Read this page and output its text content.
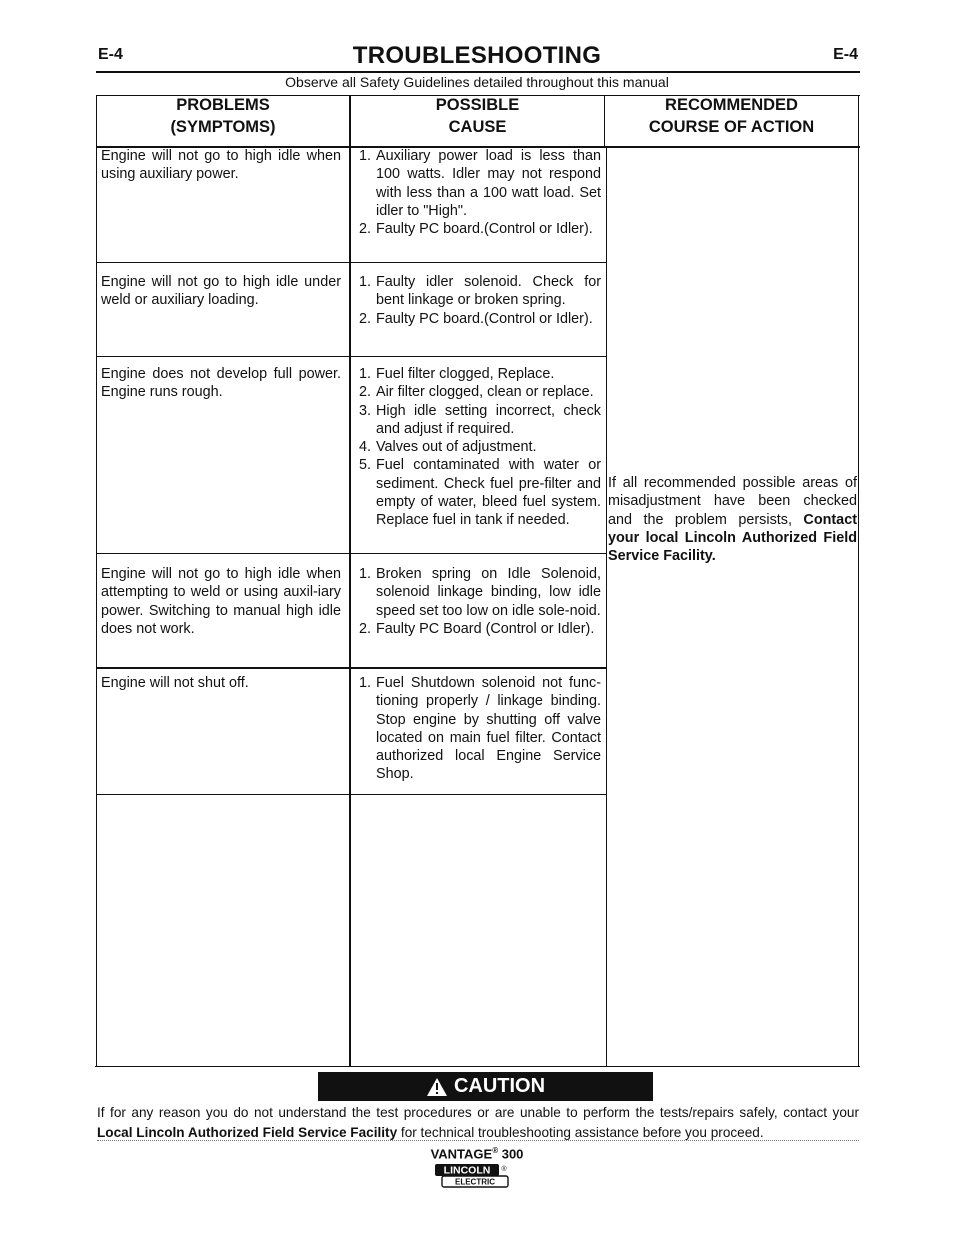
E-4	E-4
TROUBLESHOOTING
Observe all Safety Guidelines detailed throughout this manual
PROBLEMS
(SYMPTOMS)
POSSIBLE
CAUSE
RECOMMENDED
COURSE OF ACTION
Engine will not go to high idle when using auxiliary power.
1. Auxiliary power load is less than 100 watts. Idler may not respond with less than a 100 watt load. Set idler to "High".
2. Faulty PC board.(Control or Idler).
Engine will not go to high idle under weld or auxiliary loading.
1. Faulty idler solenoid. Check for bent linkage or broken spring.
2. Faulty PC board.(Control or Idler).
Engine does not develop full power. Engine runs rough.
1. Fuel filter clogged, Replace.
2. Air filter clogged, clean or replace.
3. High idle setting incorrect, check and adjust if required.
4. Valves out of adjustment.
5. Fuel contaminated with water or sediment. Check fuel pre-filter and empty of water, bleed fuel system. Replace fuel in tank if needed.
Engine will not go to high idle when attempting to weld or using auxil-iary power. Switching to manual high idle does not work.
1. Broken spring on Idle Solenoid, solenoid linkage binding, low idle speed set too low on idle sole-noid.
2. Faulty PC Board (Control or Idler).
Engine will not shut off.	1. Fuel Shutdown solenoid not func-tioning properly / linkage binding. Stop engine by shutting off valve located on main fuel filter. Contact authorized local Engine Service Shop.
If all recommended possible areas of misadjustment have been checked and the problem persists, Contact your local Lincoln Authorized Field Service Facility.
CAUTION
If for any reason you do not understand the test procedures or are unable to perform the tests/repairs safely, contact your Local Lincoln Authorized Field Service Facility for technical troubleshooting assistance before you proceed.
VANTAGE® 300
LINCOLN ®
ELECTRIC
